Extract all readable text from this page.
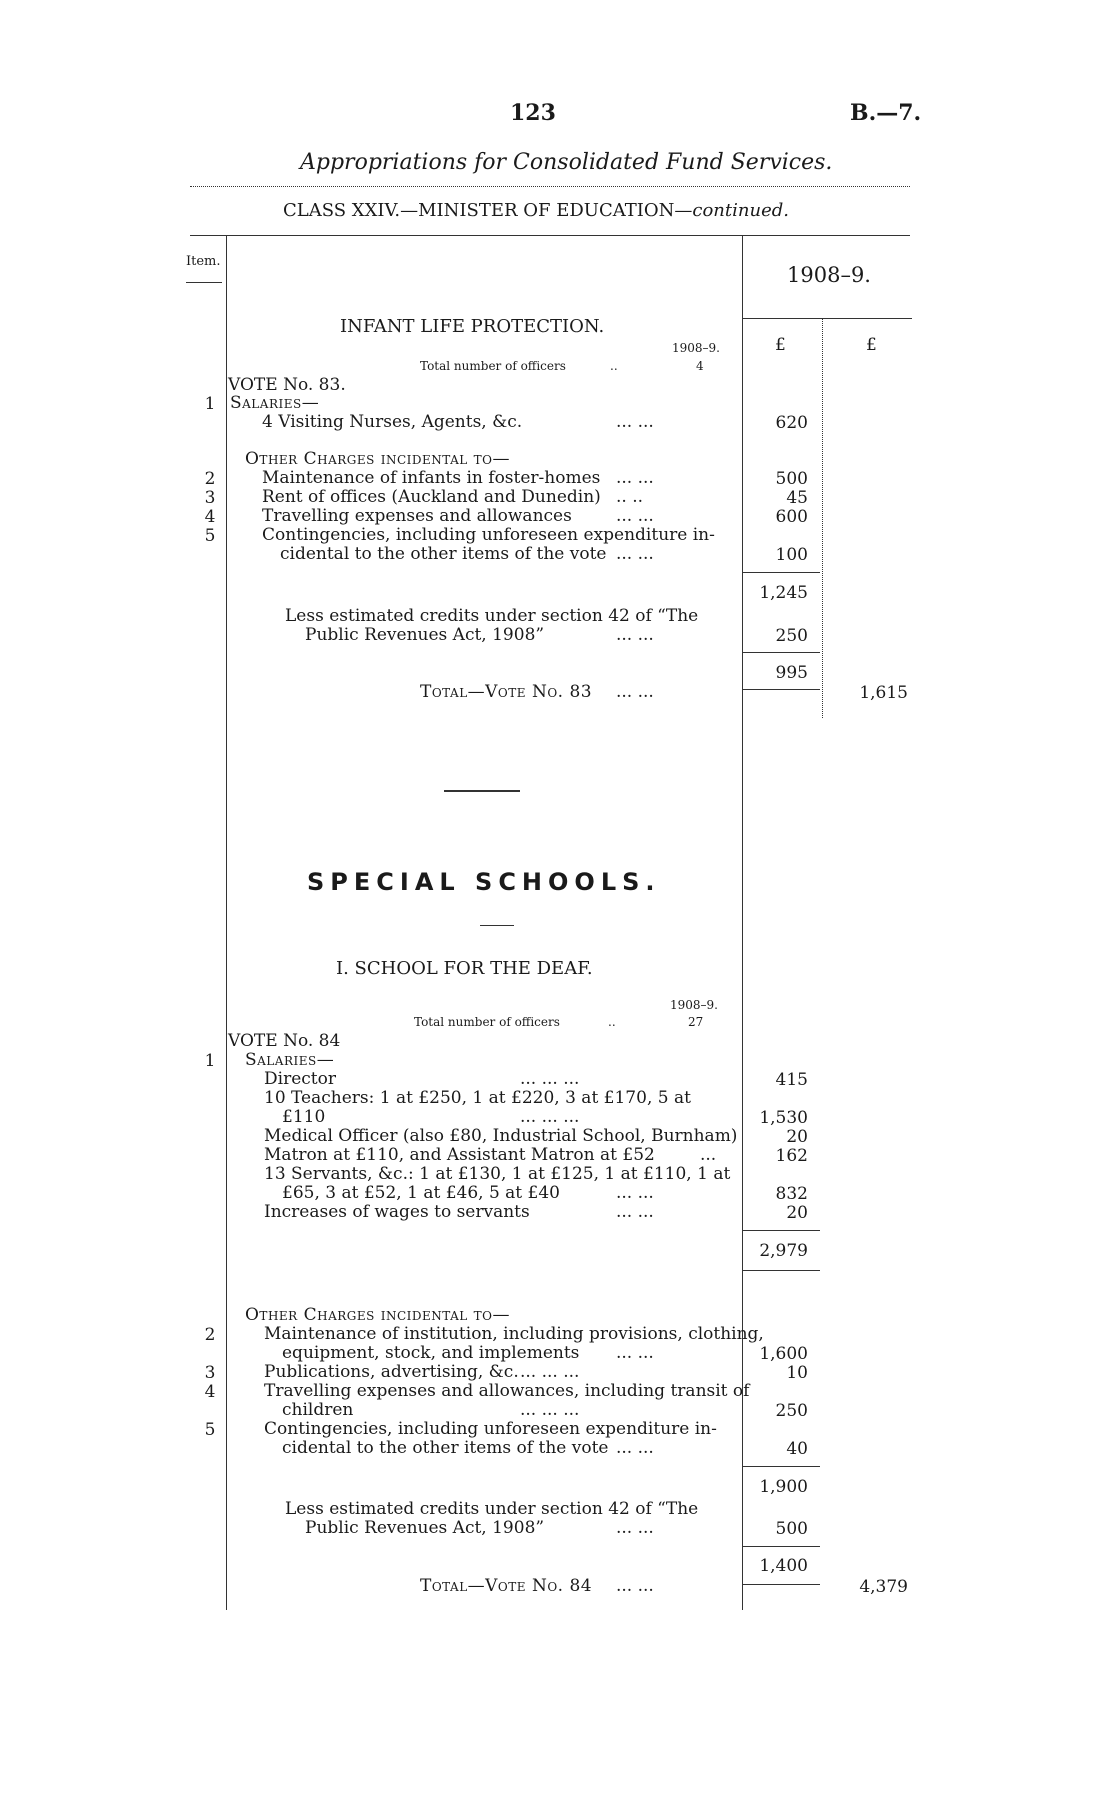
123	B.—7.
Appropriations for Consolidated Fund Services.
CLASS XXIV.—MINISTER OF EDUCATION—continued.
Item.
1908–9.
£	£
INFANT LIFE PROTECTION.
1908–9.
Total number of officers	..	4
VOTE No. 83.
1 Salaries—
4 Visiting Nurses, Agents, &c.	... ...	620
Other Charges incidental to—
2	Maintenance of infants in foster-homes ... ...	500
3	Rent of offices (Auckland and Dunedin) .. ..	45
4	Travelling expenses and allowances	... ...	600
5	Contingencies, including unforeseen expenditure in-
cidental to the other items of the vote ... ...	100
1,245
Less estimated credits under section 42 of “The
Public Revenues Act, 1908”	... ...	250
995
Total—Vote No. 83 ... ...	1,615
SPECIAL SCHOOLS.
I. SCHOOL FOR THE DEAF.
1908–9.
Total number of officers	..	27
VOTE No. 84
1 Salaries—
Director	... ... ...	415
10 Teachers: 1 at £250, 1 at £220, 3 at £170, 5 at
£110	... ... ...	1,530
Medical Officer (also £80, Industrial School, Burnham)	20
Matron at £110, and Assistant Matron at £52	...	162
13 Servants, &c.: 1 at £130, 1 at £125, 1 at £110, 1 at
£65, 3 at £52, 1 at £46, 5 at £40	... ...	832
Increases of wages to servants	... ...	20
2,979
Other Charges incidental to—
2	Maintenance of institution, including provisions, clothing,
equipment, stock, and implements ... ...	1,600
3	Publications, advertising, &c. ... ... ...	10
4	Travelling expenses and allowances, including transit of
children	... ... ...	250
5	Contingencies, including unforeseen expenditure in-
cidental to the other items of the vote ... ...	40
1,900
Less estimated credits under section 42 of “The
Public Revenues Act, 1908”	... ...	500
1,400
Total—Vote No. 84 ... ...	4,379
